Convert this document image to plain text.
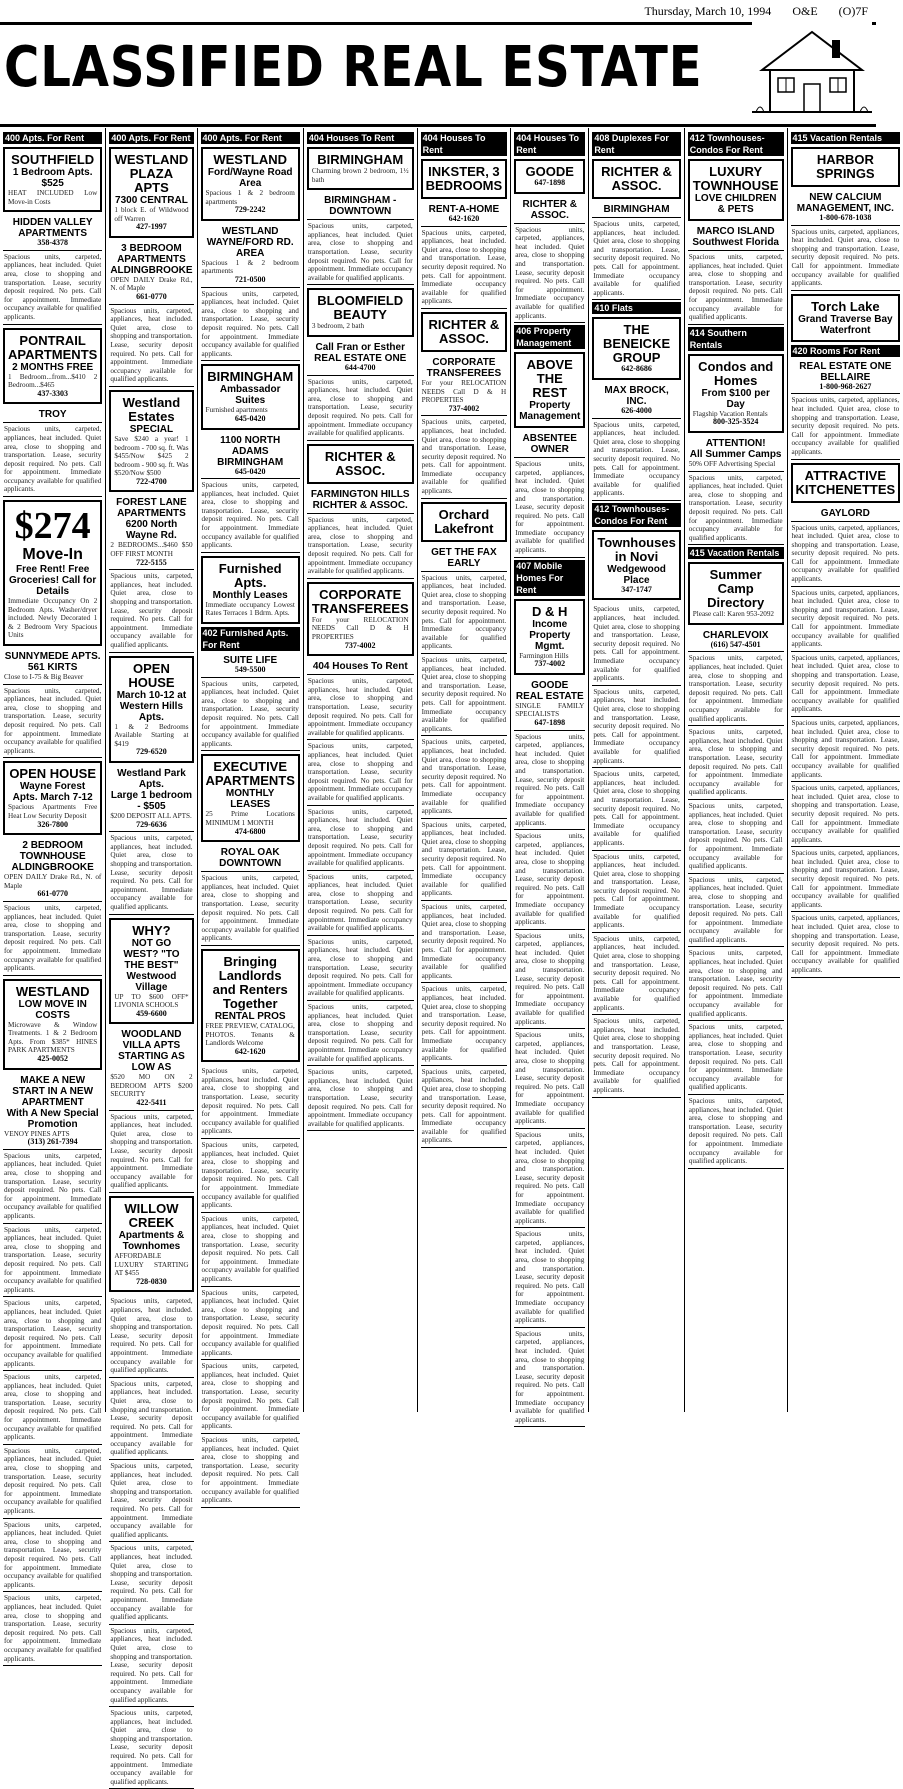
Thursday, March 10, 1994 O&E (O)7F
CLASSIFIED REAL ESTATE
400 Apts. For Rent
SOUTHFIELD
1 Bedroom Apts. $525
HEAT INCLUDED Low Move-in Costs
HIDDEN VALLEY APARTMENTS
358-4378
Spacious units, carpeted, appliances, heat included. Quiet area, close to shopping and transportation. Lease, security deposit required. No pets. Call for appointment. Immediate occupancy available for qualified applicants.
PONTRAIL APARTMENTS
2 MONTHS FREE
1 Bedroom...from...$410 2 Bedroom...$465
437-3303
TROY
Spacious units, carpeted, appliances, heat included. Quiet area, close to shopping and transportation. Lease, security deposit required. No pets. Call for appointment. Immediate occupancy available for qualified applicants.
$274
Move-In
Free Rent! Free Groceries! Call for Details
Immediate Occupancy On 2 Bedroom Apts. Washer/dryer included. Newly Decorated 1 & 2 Bedroom Very Spacious Units
SUNNYMEDE APTS.
561 KIRTS
Close to I-75 & Big Beaver
Spacious units, carpeted, appliances, heat included. Quiet area, close to shopping and transportation. Lease, security deposit required. No pets. Call for appointment. Immediate occupancy available for qualified applicants.
OPEN HOUSE
Wayne Forest Apts. March 7-12
Spacious Apartments Free Heat Low Security Deposit
326-7800
2 BEDROOM TOWNHOUSE
ALDINGBROOKE
OPEN DAILY Drake Rd., N. of Maple
661-0770
Spacious units, carpeted, appliances, heat included. Quiet area, close to shopping and transportation. Lease, security deposit required. No pets. Call for appointment. Immediate occupancy available for qualified applicants.
WESTLAND
LOW MOVE IN COSTS
Microwave & Window Treatments. 1 & 2 Bedroom Apts. From $385* HINES PARK APARTMENTS
425-0052
MAKE A NEW START IN A NEW APARTMENT
With A New Special Promotion
VENOY PINES APTS
(313) 261-7394
Spacious units, carpeted, appliances, heat included. Quiet area, close to shopping and transportation. Lease, security deposit required. No pets. Call for appointment. Immediate occupancy available for qualified applicants.
Spacious units, carpeted, appliances, heat included. Quiet area, close to shopping and transportation. Lease, security deposit required. No pets. Call for appointment. Immediate occupancy available for qualified applicants.
Spacious units, carpeted, appliances, heat included. Quiet area, close to shopping and transportation. Lease, security deposit required. No pets. Call for appointment. Immediate occupancy available for qualified applicants.
Spacious units, carpeted, appliances, heat included. Quiet area, close to shopping and transportation. Lease, security deposit required. No pets. Call for appointment. Immediate occupancy available for qualified applicants.
Spacious units, carpeted, appliances, heat included. Quiet area, close to shopping and transportation. Lease, security deposit required. No pets. Call for appointment. Immediate occupancy available for qualified applicants.
Spacious units, carpeted, appliances, heat included. Quiet area, close to shopping and transportation. Lease, security deposit required. No pets. Call for appointment. Immediate occupancy available for qualified applicants.
Spacious units, carpeted, appliances, heat included. Quiet area, close to shopping and transportation. Lease, security deposit required. No pets. Call for appointment. Immediate occupancy available for qualified applicants.
400 Apts. For Rent
WESTLAND PLAZA APTS
7300 CENTRAL
1 block E. of Wildwood off Warren
427-1997
3 BEDROOM APARTMENTS
ALDINGBROOKE
OPEN DAILY Drake Rd., N. of Maple
661-0770
Spacious units, carpeted, appliances, heat included. Quiet area, close to shopping and transportation. Lease, security deposit required. No pets. Call for appointment. Immediate occupancy available for qualified applicants.
Westland Estates
SPECIAL
Save $240 a year! 1 bedroom - 700 sq. ft. Was $455/Now $425 2 bedroom - 900 sq. ft. Was $520/Now $500
722-4700
FOREST LANE APARTMENTS
6200 North Wayne Rd.
2 BEDROOMS...$460 $50 OFF FIRST MONTH
722-5155
Spacious units, carpeted, appliances, heat included. Quiet area, close to shopping and transportation. Lease, security deposit required. No pets. Call for appointment. Immediate occupancy available for qualified applicants.
OPEN HOUSE
March 10-12 at Western Hills Apts.
1 & 2 Bedrooms Available Starting at $419
729-6520
Westland Park Apts.
Large 1 bedroom - $505
$200 DEPOSIT ALL APTS.
729-6636
Spacious units, carpeted, appliances, heat included. Quiet area, close to shopping and transportation. Lease, security deposit required. No pets. Call for appointment. Immediate occupancy available for qualified applicants.
WHY?
NOT GO WEST? "TO THE BEST" Westwood Village
UP TO $600 OFF* LIVONIA SCHOOLS
459-6600
WOODLAND VILLA APTS
STARTING AS LOW AS
$520 MO ON 2 BEDROOM APTS $200 SECURITY
422-5411
Spacious units, carpeted, appliances, heat included. Quiet area, close to shopping and transportation. Lease, security deposit required. No pets. Call for appointment. Immediate occupancy available for qualified applicants.
WILLOW CREEK
Apartments & Townhomes
AFFORDABLE LUXURY STARTING AT $455
728-0830
Spacious units, carpeted, appliances, heat included. Quiet area, close to shopping and transportation. Lease, security deposit required. No pets. Call for appointment. Immediate occupancy available for qualified applicants.
Spacious units, carpeted, appliances, heat included. Quiet area, close to shopping and transportation. Lease, security deposit required. No pets. Call for appointment. Immediate occupancy available for qualified applicants.
Spacious units, carpeted, appliances, heat included. Quiet area, close to shopping and transportation. Lease, security deposit required. No pets. Call for appointment. Immediate occupancy available for qualified applicants.
Spacious units, carpeted, appliances, heat included. Quiet area, close to shopping and transportation. Lease, security deposit required. No pets. Call for appointment. Immediate occupancy available for qualified applicants.
Spacious units, carpeted, appliances, heat included. Quiet area, close to shopping and transportation. Lease, security deposit required. No pets. Call for appointment. Immediate occupancy available for qualified applicants.
Spacious units, carpeted, appliances, heat included. Quiet area, close to shopping and transportation. Lease, security deposit required. No pets. Call for appointment. Immediate occupancy available for qualified applicants.
400 Apts. For Rent
WESTLAND
Ford/Wayne Road Area
Spacious 1 & 2 bedroom apartments
729-2242
WESTLAND
WAYNE/FORD RD. AREA
Spacious 1 & 2 bedroom apartments
721-0500
Spacious units, carpeted, appliances, heat included. Quiet area, close to shopping and transportation. Lease, security deposit required. No pets. Call for appointment. Immediate occupancy available for qualified applicants.
BIRMINGHAM
Ambassador Suites
Furnished apartments
645-0420
1100 NORTH ADAMS
BIRMINGHAM
645-0420
Spacious units, carpeted, appliances, heat included. Quiet area, close to shopping and transportation. Lease, security deposit required. No pets. Call for appointment. Immediate occupancy available for qualified applicants.
Furnished Apts.
Monthly Leases
Immediate occupancy Lowest Rates Terraces 1 Bdrm. Apts.
402 Furnished Apts. For Rent
SUITE LIFE
549-5500
Spacious units, carpeted, appliances, heat included. Quiet area, close to shopping and transportation. Lease, security deposit required. No pets. Call for appointment. Immediate occupancy available for qualified applicants.
EXECUTIVE APARTMENTS
MONTHLY LEASES
25 Prime Locations MINIMUM 1 MONTH
474-6800
ROYAL OAK DOWNTOWN
Spacious units, carpeted, appliances, heat included. Quiet area, close to shopping and transportation. Lease, security deposit required. No pets. Call for appointment. Immediate occupancy available for qualified applicants.
Bringing Landlords and Renters Together
RENTAL PROS
FREE PREVIEW, CATALOG, PHOTOS. Tenants & Landlords Welcome
642-1620
Spacious units, carpeted, appliances, heat included. Quiet area, close to shopping and transportation. Lease, security deposit required. No pets. Call for appointment. Immediate occupancy available for qualified applicants.
Spacious units, carpeted, appliances, heat included. Quiet area, close to shopping and transportation. Lease, security deposit required. No pets. Call for appointment. Immediate occupancy available for qualified applicants.
Spacious units, carpeted, appliances, heat included. Quiet area, close to shopping and transportation. Lease, security deposit required. No pets. Call for appointment. Immediate occupancy available for qualified applicants.
Spacious units, carpeted, appliances, heat included. Quiet area, close to shopping and transportation. Lease, security deposit required. No pets. Call for appointment. Immediate occupancy available for qualified applicants.
Spacious units, carpeted, appliances, heat included. Quiet area, close to shopping and transportation. Lease, security deposit required. No pets. Call for appointment. Immediate occupancy available for qualified applicants.
Spacious units, carpeted, appliances, heat included. Quiet area, close to shopping and transportation. Lease, security deposit required. No pets. Call for appointment. Immediate occupancy available for qualified applicants.
404 Houses To Rent
BIRMINGHAM
Charming brown 2 bedroom, 1½ bath
BIRMINGHAM - DOWNTOWN
Spacious units, carpeted, appliances, heat included. Quiet area, close to shopping and transportation. Lease, security deposit required. No pets. Call for appointment. Immediate occupancy available for qualified applicants.
BLOOMFIELD BEAUTY
3 bedroom, 2 bath
Call Fran or Esther
REAL ESTATE ONE
644-4700
Spacious units, carpeted, appliances, heat included. Quiet area, close to shopping and transportation. Lease, security deposit required. No pets. Call for appointment. Immediate occupancy available for qualified applicants.
RICHTER & ASSOC.
FARMINGTON HILLS
RICHTER & ASSOC.
Spacious units, carpeted, appliances, heat included. Quiet area, close to shopping and transportation. Lease, security deposit required. No pets. Call for appointment. Immediate occupancy available for qualified applicants.
CORPORATE TRANSFEREES
For your RELOCATION NEEDS Call D & H PROPERTIES
737-4002
404 Houses To Rent
Spacious units, carpeted, appliances, heat included. Quiet area, close to shopping and transportation. Lease, security deposit required. No pets. Call for appointment. Immediate occupancy available for qualified applicants.
Spacious units, carpeted, appliances, heat included. Quiet area, close to shopping and transportation. Lease, security deposit required. No pets. Call for appointment. Immediate occupancy available for qualified applicants.
Spacious units, carpeted, appliances, heat included. Quiet area, close to shopping and transportation. Lease, security deposit required. No pets. Call for appointment. Immediate occupancy available for qualified applicants.
Spacious units, carpeted, appliances, heat included. Quiet area, close to shopping and transportation. Lease, security deposit required. No pets. Call for appointment. Immediate occupancy available for qualified applicants.
Spacious units, carpeted, appliances, heat included. Quiet area, close to shopping and transportation. Lease, security deposit required. No pets. Call for appointment. Immediate occupancy available for qualified applicants.
Spacious units, carpeted, appliances, heat included. Quiet area, close to shopping and transportation. Lease, security deposit required. No pets. Call for appointment. Immediate occupancy available for qualified applicants.
Spacious units, carpeted, appliances, heat included. Quiet area, close to shopping and transportation. Lease, security deposit required. No pets. Call for appointment. Immediate occupancy available for qualified applicants.
404 Houses To Rent
INKSTER, 3 BEDROOMS
RENT-A-HOME
642-1620
Spacious units, carpeted, appliances, heat included. Quiet area, close to shopping and transportation. Lease, security deposit required. No pets. Call for appointment. Immediate occupancy available for qualified applicants.
RICHTER & ASSOC.
CORPORATE TRANSFEREES
For your RELOCATION NEEDS Call D & H PROPERTIES
737-4002
Spacious units, carpeted, appliances, heat included. Quiet area, close to shopping and transportation. Lease, security deposit required. No pets. Call for appointment. Immediate occupancy available for qualified applicants.
Orchard Lakefront
GET THE FAX
EARLY
Spacious units, carpeted, appliances, heat included. Quiet area, close to shopping and transportation. Lease, security deposit required. No pets. Call for appointment. Immediate occupancy available for qualified applicants.
Spacious units, carpeted, appliances, heat included. Quiet area, close to shopping and transportation. Lease, security deposit required. No pets. Call for appointment. Immediate occupancy available for qualified applicants.
Spacious units, carpeted, appliances, heat included. Quiet area, close to shopping and transportation. Lease, security deposit required. No pets. Call for appointment. Immediate occupancy available for qualified applicants.
Spacious units, carpeted, appliances, heat included. Quiet area, close to shopping and transportation. Lease, security deposit required. No pets. Call for appointment. Immediate occupancy available for qualified applicants.
Spacious units, carpeted, appliances, heat included. Quiet area, close to shopping and transportation. Lease, security deposit required. No pets. Call for appointment. Immediate occupancy available for qualified applicants.
Spacious units, carpeted, appliances, heat included. Quiet area, close to shopping and transportation. Lease, security deposit required. No pets. Call for appointment. Immediate occupancy available for qualified applicants.
Spacious units, carpeted, appliances, heat included. Quiet area, close to shopping and transportation. Lease, security deposit required. No pets. Call for appointment. Immediate occupancy available for qualified applicants.
404 Houses To Rent
GOODE
647-1898
RICHTER & ASSOC.
Spacious units, carpeted, appliances, heat included. Quiet area, close to shopping and transportation. Lease, security deposit required. No pets. Call for appointment. Immediate occupancy available for qualified applicants.
406 Property Management
ABOVE THE REST
Property Management
ABSENTEE OWNER
Spacious units, carpeted, appliances, heat included. Quiet area, close to shopping and transportation. Lease, security deposit required. No pets. Call for appointment. Immediate occupancy available for qualified applicants.
407 Mobile Homes For Rent
D & H
Income Property Mgmt.
Farmington Hills
737-4002
GOODE
REAL ESTATE
SINGLE FAMILY SPECIALISTS
647-1898
Spacious units, carpeted, appliances, heat included. Quiet area, close to shopping and transportation. Lease, security deposit required. No pets. Call for appointment. Immediate occupancy available for qualified applicants.
Spacious units, carpeted, appliances, heat included. Quiet area, close to shopping and transportation. Lease, security deposit required. No pets. Call for appointment. Immediate occupancy available for qualified applicants.
Spacious units, carpeted, appliances, heat included. Quiet area, close to shopping and transportation. Lease, security deposit required. No pets. Call for appointment. Immediate occupancy available for qualified applicants.
Spacious units, carpeted, appliances, heat included. Quiet area, close to shopping and transportation. Lease, security deposit required. No pets. Call for appointment. Immediate occupancy available for qualified applicants.
Spacious units, carpeted, appliances, heat included. Quiet area, close to shopping and transportation. Lease, security deposit required. No pets. Call for appointment. Immediate occupancy available for qualified applicants.
Spacious units, carpeted, appliances, heat included. Quiet area, close to shopping and transportation. Lease, security deposit required. No pets. Call for appointment. Immediate occupancy available for qualified applicants.
Spacious units, carpeted, appliances, heat included. Quiet area, close to shopping and transportation. Lease, security deposit required. No pets. Call for appointment. Immediate occupancy available for qualified applicants.
408 Duplexes For Rent
RICHTER & ASSOC.
BIRMINGHAM
Spacious units, carpeted, appliances, heat included. Quiet area, close to shopping and transportation. Lease, security deposit required. No pets. Call for appointment. Immediate occupancy available for qualified applicants.
410 Flats
THE BENEICKE GROUP
642-8686
MAX BROCK, INC.
626-4000
Spacious units, carpeted, appliances, heat included. Quiet area, close to shopping and transportation. Lease, security deposit required. No pets. Call for appointment. Immediate occupancy available for qualified applicants.
412 Townhouses-Condos For Rent
Townhouses in Novi
Wedgewood Place
347-1747
Spacious units, carpeted, appliances, heat included. Quiet area, close to shopping and transportation. Lease, security deposit required. No pets. Call for appointment. Immediate occupancy available for qualified applicants.
Spacious units, carpeted, appliances, heat included. Quiet area, close to shopping and transportation. Lease, security deposit required. No pets. Call for appointment. Immediate occupancy available for qualified applicants.
Spacious units, carpeted, appliances, heat included. Quiet area, close to shopping and transportation. Lease, security deposit required. No pets. Call for appointment. Immediate occupancy available for qualified applicants.
Spacious units, carpeted, appliances, heat included. Quiet area, close to shopping and transportation. Lease, security deposit required. No pets. Call for appointment. Immediate occupancy available for qualified applicants.
Spacious units, carpeted, appliances, heat included. Quiet area, close to shopping and transportation. Lease, security deposit required. No pets. Call for appointment. Immediate occupancy available for qualified applicants.
Spacious units, carpeted, appliances, heat included. Quiet area, close to shopping and transportation. Lease, security deposit required. No pets. Call for appointment. Immediate occupancy available for qualified applicants.
412 Townhouses-Condos For Rent
LUXURY TOWNHOUSE
LOVE CHILDREN & PETS
MARCO ISLAND
Southwest Florida
Spacious units, carpeted, appliances, heat included. Quiet area, close to shopping and transportation. Lease, security deposit required. No pets. Call for appointment. Immediate occupancy available for qualified applicants.
414 Southern Rentals
Condos and Homes
From $100 per Day
Flagship Vacation Rentals
800-325-3524
ATTENTION!
All Summer Camps
50% OFF Advertising Special
Spacious units, carpeted, appliances, heat included. Quiet area, close to shopping and transportation. Lease, security deposit required. No pets. Call for appointment. Immediate occupancy available for qualified applicants.
415 Vacation Rentals
Summer Camp Directory
Please call: Karen 953-2092
CHARLEVOIX
(616) 547-4501
Spacious units, carpeted, appliances, heat included. Quiet area, close to shopping and transportation. Lease, security deposit required. No pets. Call for appointment. Immediate occupancy available for qualified applicants.
Spacious units, carpeted, appliances, heat included. Quiet area, close to shopping and transportation. Lease, security deposit required. No pets. Call for appointment. Immediate occupancy available for qualified applicants.
Spacious units, carpeted, appliances, heat included. Quiet area, close to shopping and transportation. Lease, security deposit required. No pets. Call for appointment. Immediate occupancy available for qualified applicants.
Spacious units, carpeted, appliances, heat included. Quiet area, close to shopping and transportation. Lease, security deposit required. No pets. Call for appointment. Immediate occupancy available for qualified applicants.
Spacious units, carpeted, appliances, heat included. Quiet area, close to shopping and transportation. Lease, security deposit required. No pets. Call for appointment. Immediate occupancy available for qualified applicants.
Spacious units, carpeted, appliances, heat included. Quiet area, close to shopping and transportation. Lease, security deposit required. No pets. Call for appointment. Immediate occupancy available for qualified applicants.
Spacious units, carpeted, appliances, heat included. Quiet area, close to shopping and transportation. Lease, security deposit required. No pets. Call for appointment. Immediate occupancy available for qualified applicants.
415 Vacation Rentals
HARBOR SPRINGS
NEW CALCIUM MANAGEMENT, INC.
1-800-678-1038
Spacious units, carpeted, appliances, heat included. Quiet area, close to shopping and transportation. Lease, security deposit required. No pets. Call for appointment. Immediate occupancy available for qualified applicants.
Torch Lake
Grand Traverse Bay Waterfront
420 Rooms For Rent
REAL ESTATE ONE
BELLAIRE
1-800-968-2627
Spacious units, carpeted, appliances, heat included. Quiet area, close to shopping and transportation. Lease, security deposit required. No pets. Call for appointment. Immediate occupancy available for qualified applicants.
ATTRACTIVE KITCHENETTES
GAYLORD
Spacious units, carpeted, appliances, heat included. Quiet area, close to shopping and transportation. Lease, security deposit required. No pets. Call for appointment. Immediate occupancy available for qualified applicants.
Spacious units, carpeted, appliances, heat included. Quiet area, close to shopping and transportation. Lease, security deposit required. No pets. Call for appointment. Immediate occupancy available for qualified applicants.
Spacious units, carpeted, appliances, heat included. Quiet area, close to shopping and transportation. Lease, security deposit required. No pets. Call for appointment. Immediate occupancy available for qualified applicants.
Spacious units, carpeted, appliances, heat included. Quiet area, close to shopping and transportation. Lease, security deposit required. No pets. Call for appointment. Immediate occupancy available for qualified applicants.
Spacious units, carpeted, appliances, heat included. Quiet area, close to shopping and transportation. Lease, security deposit required. No pets. Call for appointment. Immediate occupancy available for qualified applicants.
Spacious units, carpeted, appliances, heat included. Quiet area, close to shopping and transportation. Lease, security deposit required. No pets. Call for appointment. Immediate occupancy available for qualified applicants.
Spacious units, carpeted, appliances, heat included. Quiet area, close to shopping and transportation. Lease, security deposit required. No pets. Call for appointment. Immediate occupancy available for qualified applicants.
